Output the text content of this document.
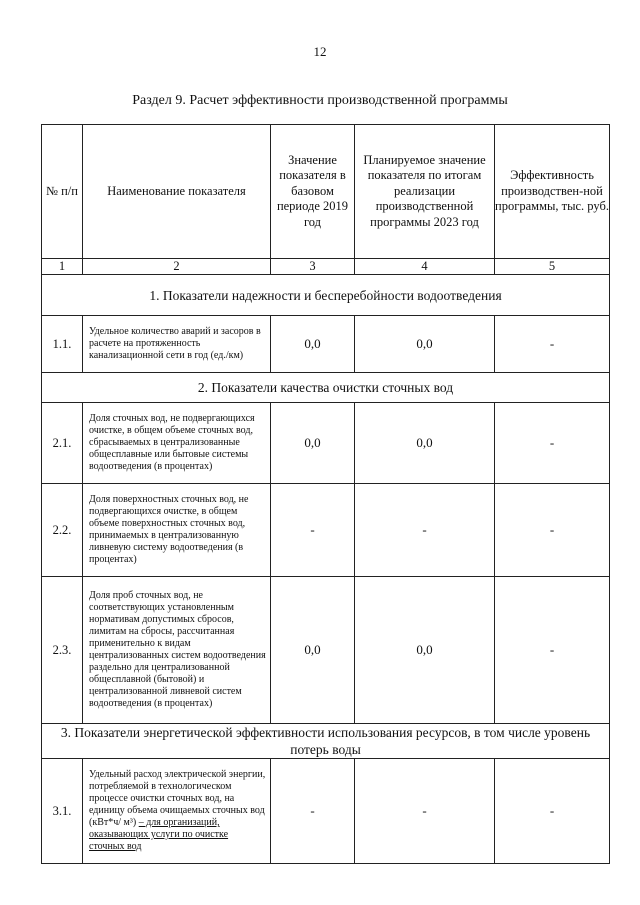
12
Раздел 9. Расчет эффективности производственной программы
№ п/п	Наименование показателя	Значение показателя в базовом периоде 2019 год	Планируемое значение показателя по итогам реализации производственной программы 2023 год	Эффективность производствен-ной программы, тыс. руб.
1	2	3	4	5
1. Показатели надежности и бесперебойности водоотведения				
1.1.	Удельное количество аварий и засоров в расчете на протяженность канализационной сети в год (ед./км)	0,0	0,0	-
2. Показатели качества очистки сточных вод				
2.1.	Доля сточных вод, не подвергающихся очистке, в общем объеме сточных вод, сбрасываемых в централизованные общесплавные или бытовые системы водоотведения (в процентах)	0,0	0,0	-
2.2.	Доля поверхностных сточных вод, не подвергающихся очистке, в общем объеме поверхностных сточных вод, принимаемых в централизованную ливневую систему водоотведения (в процентах)	-	-	-
2.3.	Доля проб сточных вод, не соответствующих установленным нормативам допустимых сбросов, лимитам на сбросы, рассчитанная применительно к видам централизованных систем водоотведения раздельно для централизованной общесплавной (бытовой) и централизованной ливневой систем водоотведения (в процентах)	0,0	0,0	-
3. Показатели энергетической эффективности использования ресурсов, в том числе уровень потерь воды				
3.1.	Удельный расход электрической энергии, потребляемой в технологическом процессе очистки сточных вод, на единицу объема очищаемых сточных вод (кВт*ч/ м³) – для организаций, оказывающих услуги по очистке сточных вод	-	-	-
